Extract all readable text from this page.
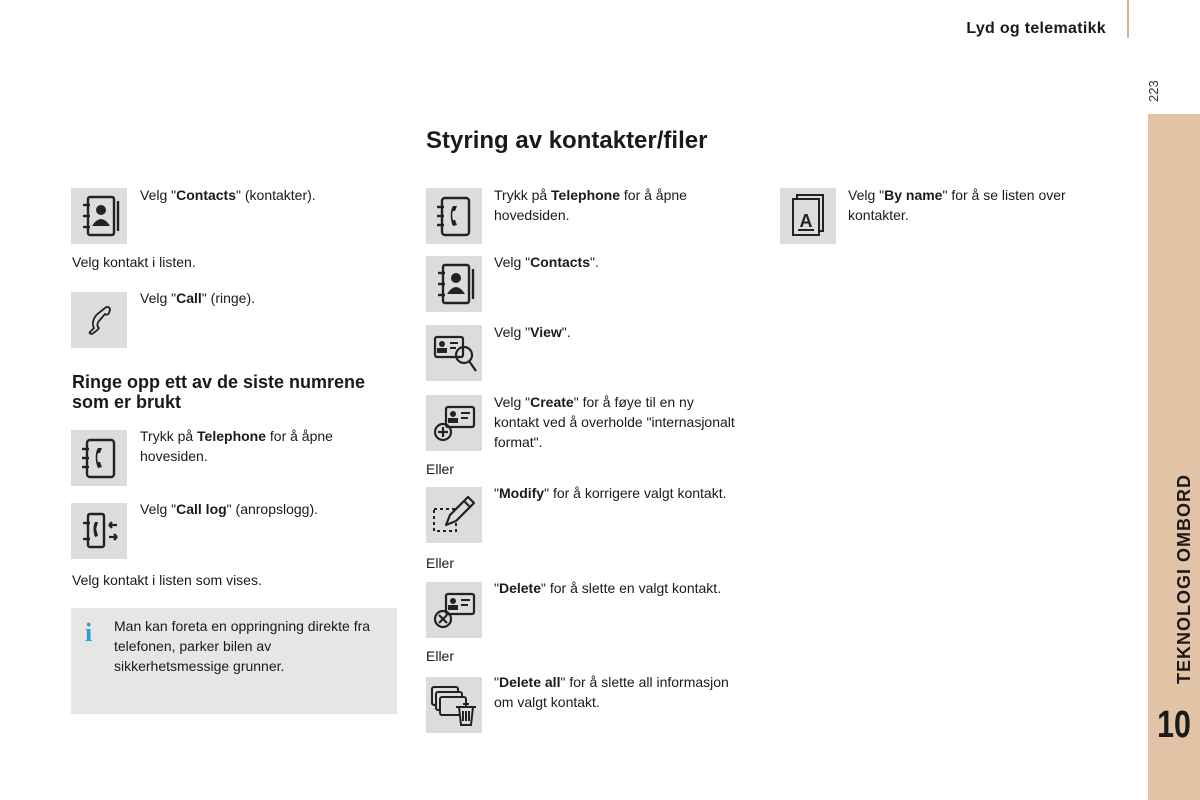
Lyd og telematikk
223
TEKNOLOGI OMBORD
10
Styring av kontakter/filer
Velg "Contacts" (kontakter).
Velg kontakt i listen.
Velg "Call" (ringe).
Ringe opp ett av de siste numrene som er brukt
Trykk på Telephone for å åpne hovesiden.
Velg "Call log" (anropslogg).
Velg kontakt i listen som vises.
i	Man kan foreta en oppringning direkte fra telefonen, parker bilen av sikkerhetsmessige grunner.
Trykk på Telephone for å åpne hovedsiden.
Velg "Contacts".
Velg "View".
Velg "Create" for å føye til en ny kontakt ved å overholde "internasjonalt format".
Eller
"Modify" for å korrigere valgt kontakt.
Eller
"Delete" for å slette en valgt kontakt.
Eller
"Delete all" for å slette all informasjon om valgt kontakt.
A
Velg "By name" for å se listen over kontakter.
